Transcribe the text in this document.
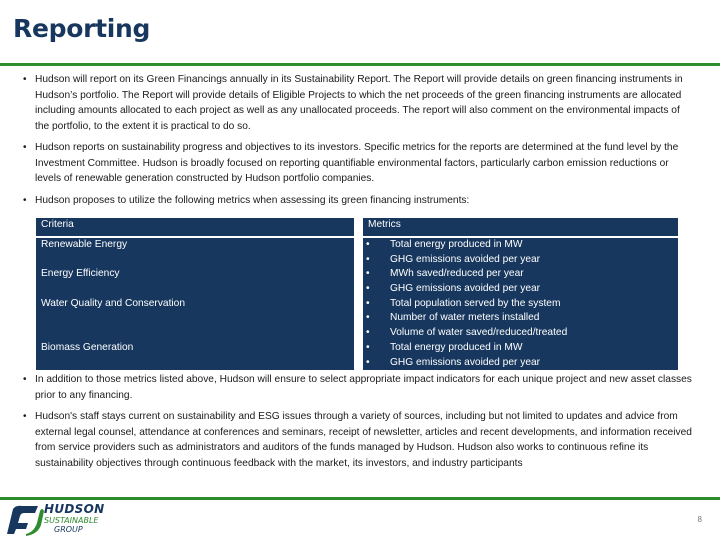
Reporting

• Hudson will report on its Green Financings annually in its Sustainability Report. The Report will provide details on green financing instruments in Hudson’s portfolio. The Report will provide details of Eligible Projects to which the net proceeds of the green financing instruments are allocated including amounts allocated to each project as well as any unallocated proceeds. The report will also comment on the environmental impacts of the portfolio, to the extent it is practical to do so.

• Hudson reports on sustainability progress and objectives to its investors. Specific metrics for the reports are determined at the fund level by the Investment Committee. Hudson is broadly focused on reporting quantifiable environmental factors, particularly carbon emission reductions or levels of renewable generation constructed by Hudson portfolio companies.

• Hudson proposes to utilize the following metrics when assessing its green financing instruments:

Criteria		Metrics

Renewable Energy		• Total energy produced in MW
• GHG emissions avoided per year

Energy Efficiency		• MWh saved/reduced per year
• GHG emissions avoided per year

Water Quality and Conservation		• Total population served by the system
• Number of water meters installed
• Volume of water saved/reduced/treated

Biomass Generation		• Total energy produced in MW
• GHG emissions avoided per year

• In addition to those metrics listed above, Hudson will ensure to select appropriate impact indicators for each unique project and new asset classes prior to any financing.

• Hudson's staff stays current on sustainability and ESG issues through a variety of sources, including but not limited to updates and advice from external legal counsel, attendance at conferences and seminars, receipt of newsletter, articles and recent developments, and information received from service providers such as administrators and auditors of the funds managed by Hudson. Hudson also works to continuous refine its sustainability objectives through continuous feedback with the market, its investors, and industry participants

HUDSON
SUSTAINABLE
GROUP
8
